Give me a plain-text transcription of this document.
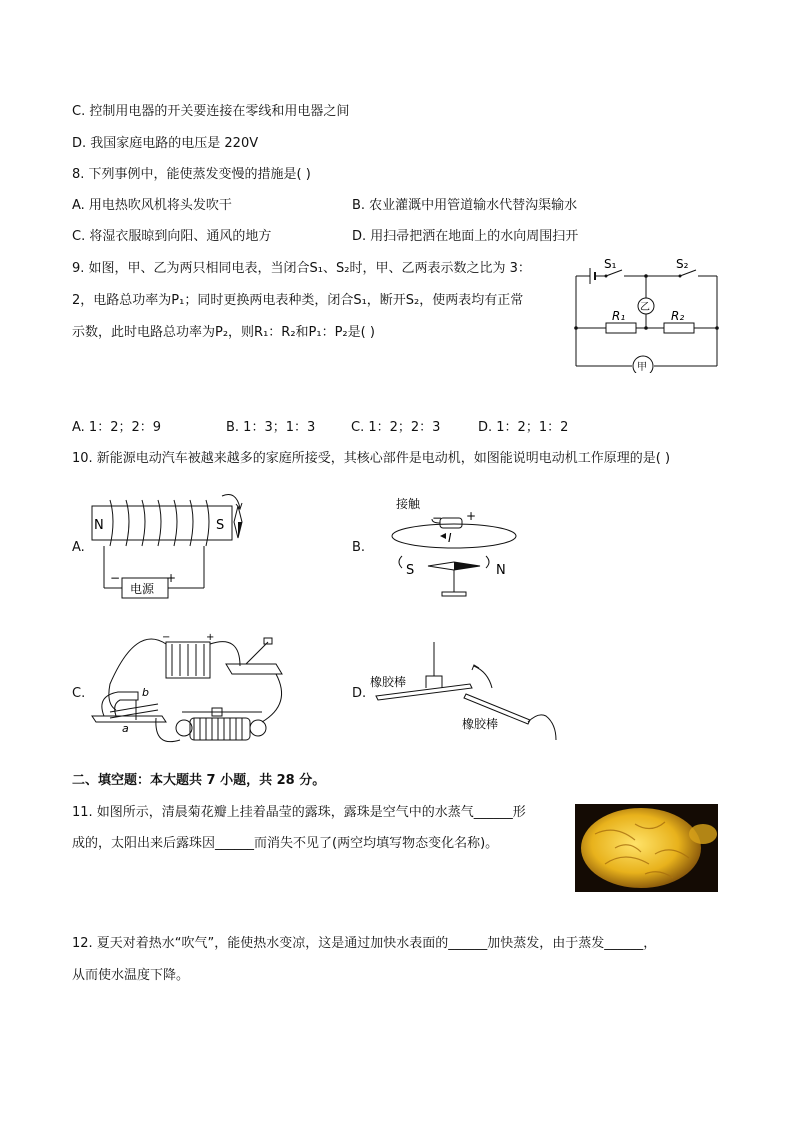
C. 控制用电器的开关要连接在零线和用电器之间
D. 我国家庭电路的电压是 220V
8. 下列事例中，能使蒸发变慢的措施是( )
A. 用电热吹风机将头发吹干	B. 农业灌溉中用管道输水代替沟渠输水
C. 将湿衣服晾到向阳、通风的地方	D. 用扫帚把洒在地面上的水向周围扫开
9. 如图，甲、乙为两只相同电表，当闭合S₁、S₂时，甲、乙两表示数之比为 3：
2，电路总功率为P₁；同时更换两电表种类，闭合S₁，断开S₂，使两表均有正常
示数，此时电路总功率为P₂，则R₁：R₂和P₁：P₂是( )
S₁	S₂
R₁	R₂
乙
甲
A. 1：2；2：9	B. 1：3；1：3	C. 1：2；2：3	D. 1：2；1：2
10. 新能源电动汽车被越来越多的家庭所接受，其核心部件是电动机，如图能说明电动机工作原理的是( )
A.	B.
C.	D.
N	S
−	+
电源
接触
− +
I
S	N
−	+
b
a
橡胶棒
橡胶棒
二、填空题：本大题共 7 小题，共 28 分。
11. 如图所示，清晨菊花瓣上挂着晶莹的露珠，露珠是空气中的水蒸气______形
成的，太阳出来后露珠因______而消失不见了(两空均填写物态变化名称)。
12. 夏天对着热水“吹气”，能使热水变凉，这是通过加快水表面的______加快蒸发，由于蒸发______，
从而使水温度下降。
